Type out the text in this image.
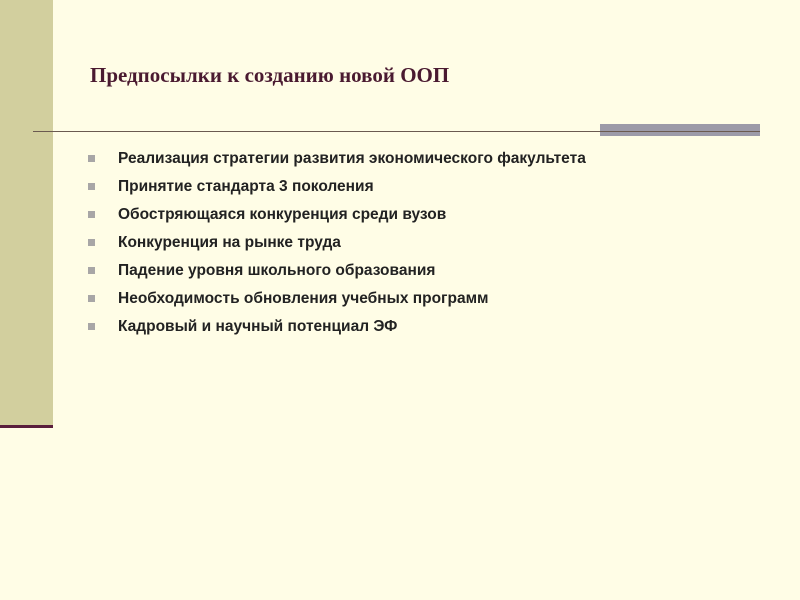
Предпосылки к созданию новой ООП
Реализация стратегии развития экономического факультета
Принятие стандарта 3 поколения
Обостряющаяся конкуренция среди вузов
Конкуренция на рынке труда
Падение уровня школьного образования
Необходимость обновления учебных программ
Кадровый и научный потенциал ЭФ
